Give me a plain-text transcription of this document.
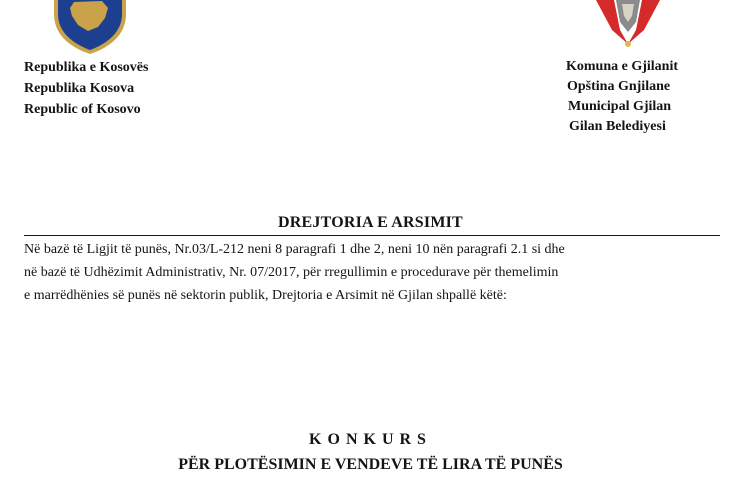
Republika e Kosovës
Republika Kosova
Republic of Kosovo
Komuna e Gjilanit
Opština Gnjilane
Municipal Gjilan
Gilan Belediyesi
DREJTORIA E ARSIMIT
Në bazë të Ligjit të punës, Nr.03/L-212 neni 8 paragrafi 1 dhe 2, neni 10 nën paragrafi 2.1 si dhe
në bazë të Udhëzimit Administrativ, Nr. 07/2017, për rregullimin e procedurave për themelimin
e marrëdhënies së punës në sektorin publik, Drejtoria e Arsimit në Gjilan shpallë këtë:
KONKURS
PËR PLOTËSIMIN E VENDEVE TË LIRA TË PUNËS
